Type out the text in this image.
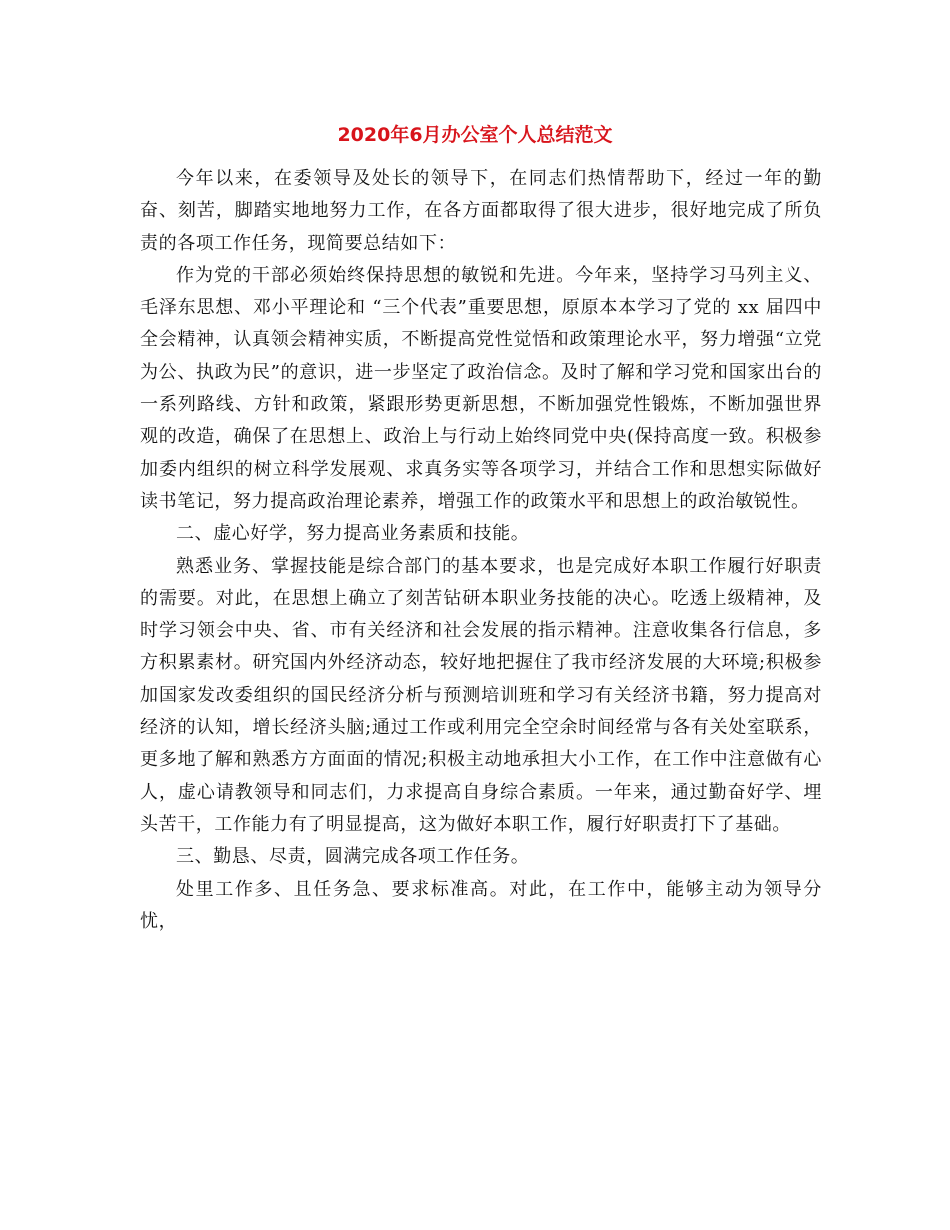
2020年6月办公室个人总结范文

今年以来，在委领导及处长的领导下，在同志们热情帮助下，经过一年的勤奋、刻苦，脚踏实地地努力工作，在各方面都取得了很大进步，很好地完成了所负责的各项工作任务，现简要总结如下：

作为党的干部必须始终保持思想的敏锐和先进。今年来，坚持学习马列主义、毛泽东思想、邓小平理论和 “三个代表”重要思想，原原本本学习了党的 xx 届四中全会精神，认真领会精神实质，不断提高党性觉悟和政策理论水平，努力增强“立党为公、执政为民”的意识，进一步坚定了政治信念。及时了解和学习党和国家出台的一系列路线、方针和政策，紧跟形势更新思想，不断加强党性锻炼，不断加强世界观的改造，确保了在思想上、政治上与行动上始终同党中央(保持高度一致。积极参加委内组织的树立科学发展观、求真务实等各项学习，并结合工作和思想实际做好读书笔记，努力提高政治理论素养，增强工作的政策水平和思想上的政治敏锐性。

二、虚心好学，努力提高业务素质和技能。

熟悉业务、掌握技能是综合部门的基本要求，也是完成好本职工作履行好职责的需要。对此，在思想上确立了刻苦钻研本职业务技能的决心。吃透上级精神，及时学习领会中央、省、市有关经济和社会发展的指示精神。注意收集各行信息，多方积累素材。研究国内外经济动态，较好地把握住了我市经济发展的大环境;积极参加国家发改委组织的国民经济分析与预测培训班和学习有关经济书籍，努力提高对经济的认知，增长经济头脑;通过工作或利用完全空余时间经常与各有关处室联系，更多地了解和熟悉方方面面的情况;积极主动地承担大小工作，在工作中注意做有心人，虚心请教领导和同志们，力求提高自身综合素质。一年来，通过勤奋好学、埋头苦干，工作能力有了明显提高，这为做好本职工作，履行好职责打下了基础。

三、勤恳、尽责，圆满完成各项工作任务。

处里工作多、且任务急、要求标准高。对此，在工作中，能够主动为领导分忧，
